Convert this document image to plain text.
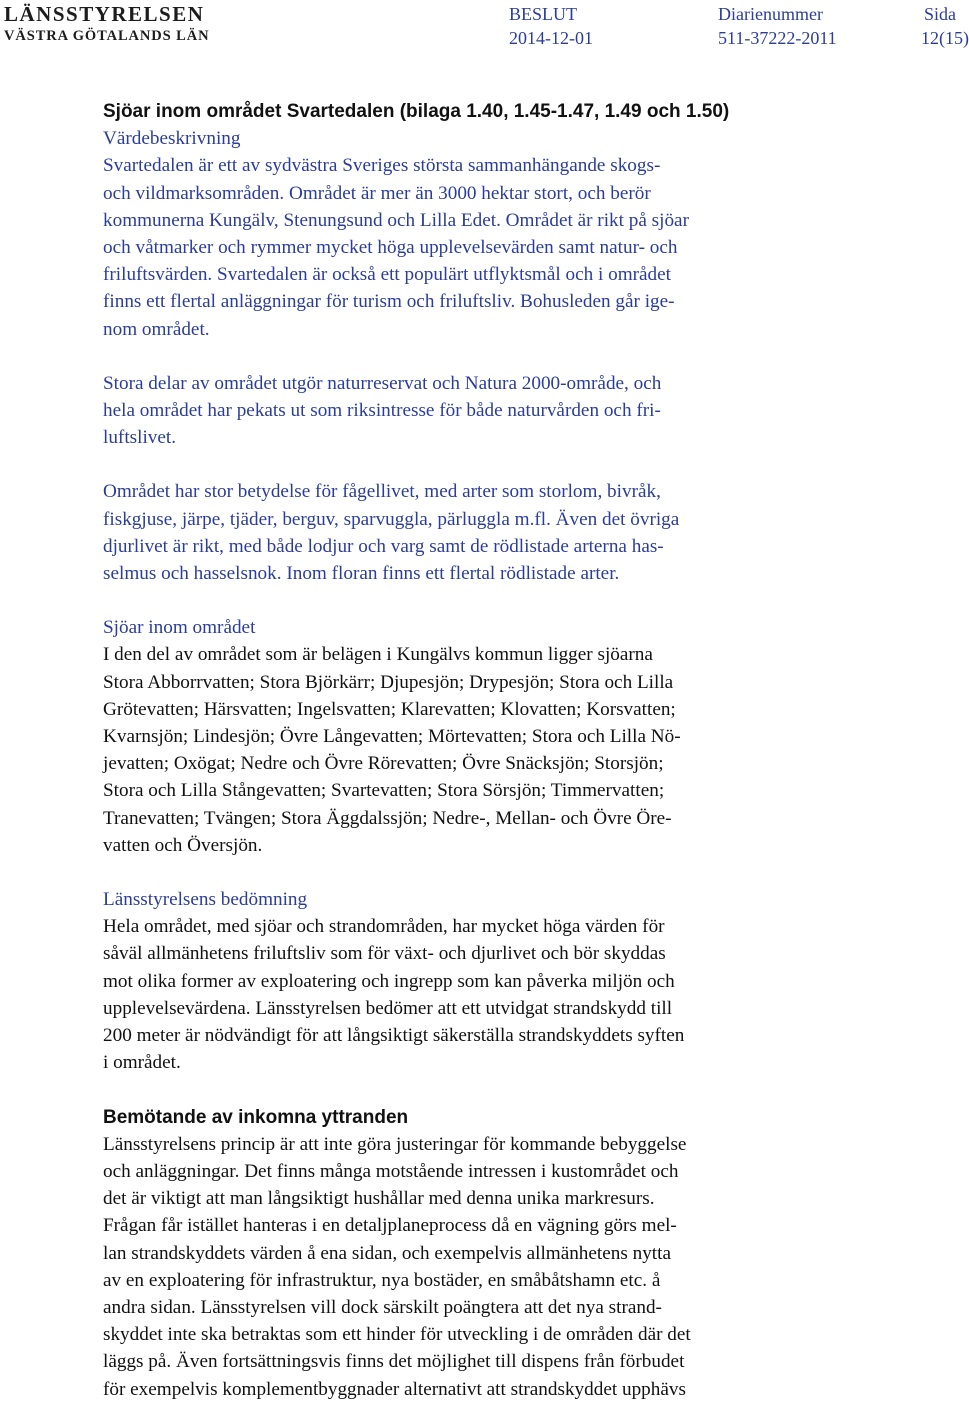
LÄNSSTYRELSEN
VÄSTRA GÖTALANDS LÄN
BESLUT
2014-12-01
Diarienummer
511-37222-2011
Sida
12(15)

Sjöar inom området Svartedalen (bilaga 1.40, 1.45-1.47, 1.49 och 1.50)

Värdebeskrivning

Svartedalen är ett av sydvästra Sveriges största sammanhängande skogs-

och vildmarksområden. Området är mer än 3000 hektar stort, och berör

kommunerna Kungälv, Stenungsund och Lilla Edet. Området är rikt på sjöar

och våtmarker och rymmer mycket höga upplevelsevärden samt natur- och

friluftsvärden. Svartedalen är också ett populärt utflyktsmål och i området

finns ett flertal anläggningar för turism och friluftsliv. Bohusleden går ige-

nom området.

Stora delar av området utgör naturreservat och Natura 2000-område, och

hela området har pekats ut som riksintresse för både naturvården och fri-

luftslivet.

Området har stor betydelse för fågellivet, med arter som storlom, bivråk,

fiskgjuse, järpe, tjäder, berguv, sparvuggla, pärluggla m.fl. Även det övriga

djurlivet är rikt, med både lodjur och varg samt de rödlistade arterna has-

selmus och hasselsnok. Inom floran finns ett flertal rödlistade arter.

Sjöar inom området

I den del av området som är belägen i Kungälvs kommun ligger sjöarna

Stora Abborrvatten; Stora Björkärr; Djupesjön; Drypesjön; Stora och Lilla

Grötevatten; Härsvatten; Ingelsvatten; Klarevatten; Klovatten; Korsvatten;

Kvarnsjön; Lindesjön; Övre Långevatten; Mörtevatten; Stora och Lilla Nö-

jevatten; Oxögat; Nedre och Övre Rörevatten; Övre Snäcksjön; Storsjön;

Stora och Lilla Stångevatten; Svartevatten; Stora Sörsjön; Timmervatten;

Tranevatten; Tvängen; Stora Äggdalssjön; Nedre-, Mellan- och Övre Öre-

vatten och Översjön.

Länsstyrelsens bedömning

Hela området, med sjöar och strandområden, har mycket höga värden för

såväl allmänhetens friluftsliv som för växt- och djurlivet och bör skyddas

mot olika former av exploatering och ingrepp som kan påverka miljön och

upplevelsevärdena. Länsstyrelsen bedömer att ett utvidgat strandskydd till

200 meter är nödvändigt för att långsiktigt säkerställa strandskyddets syften

i området.

Bemötande av inkomna yttranden

Länsstyrelsens princip är att inte göra justeringar för kommande bebyggelse

och anläggningar. Det finns många motstående intressen i kustområdet och

det är viktigt att man långsiktigt hushållar med denna unika markresurs.

Frågan får istället hanteras i en detaljplaneprocess då en vägning görs mel-

lan strandskyddets värden å ena sidan, och exempelvis allmänhetens nytta

av en exploatering för infrastruktur, nya bostäder, en småbåtshamn etc. å

andra sidan. Länsstyrelsen vill dock särskilt poängtera att det nya strand-

skyddet inte ska betraktas som ett hinder för utveckling i de områden där det

läggs på. Även fortsättningsvis finns det möjlighet till dispens från förbudet

för exempelvis komplementbyggnader alternativt att strandskyddet upphävs
